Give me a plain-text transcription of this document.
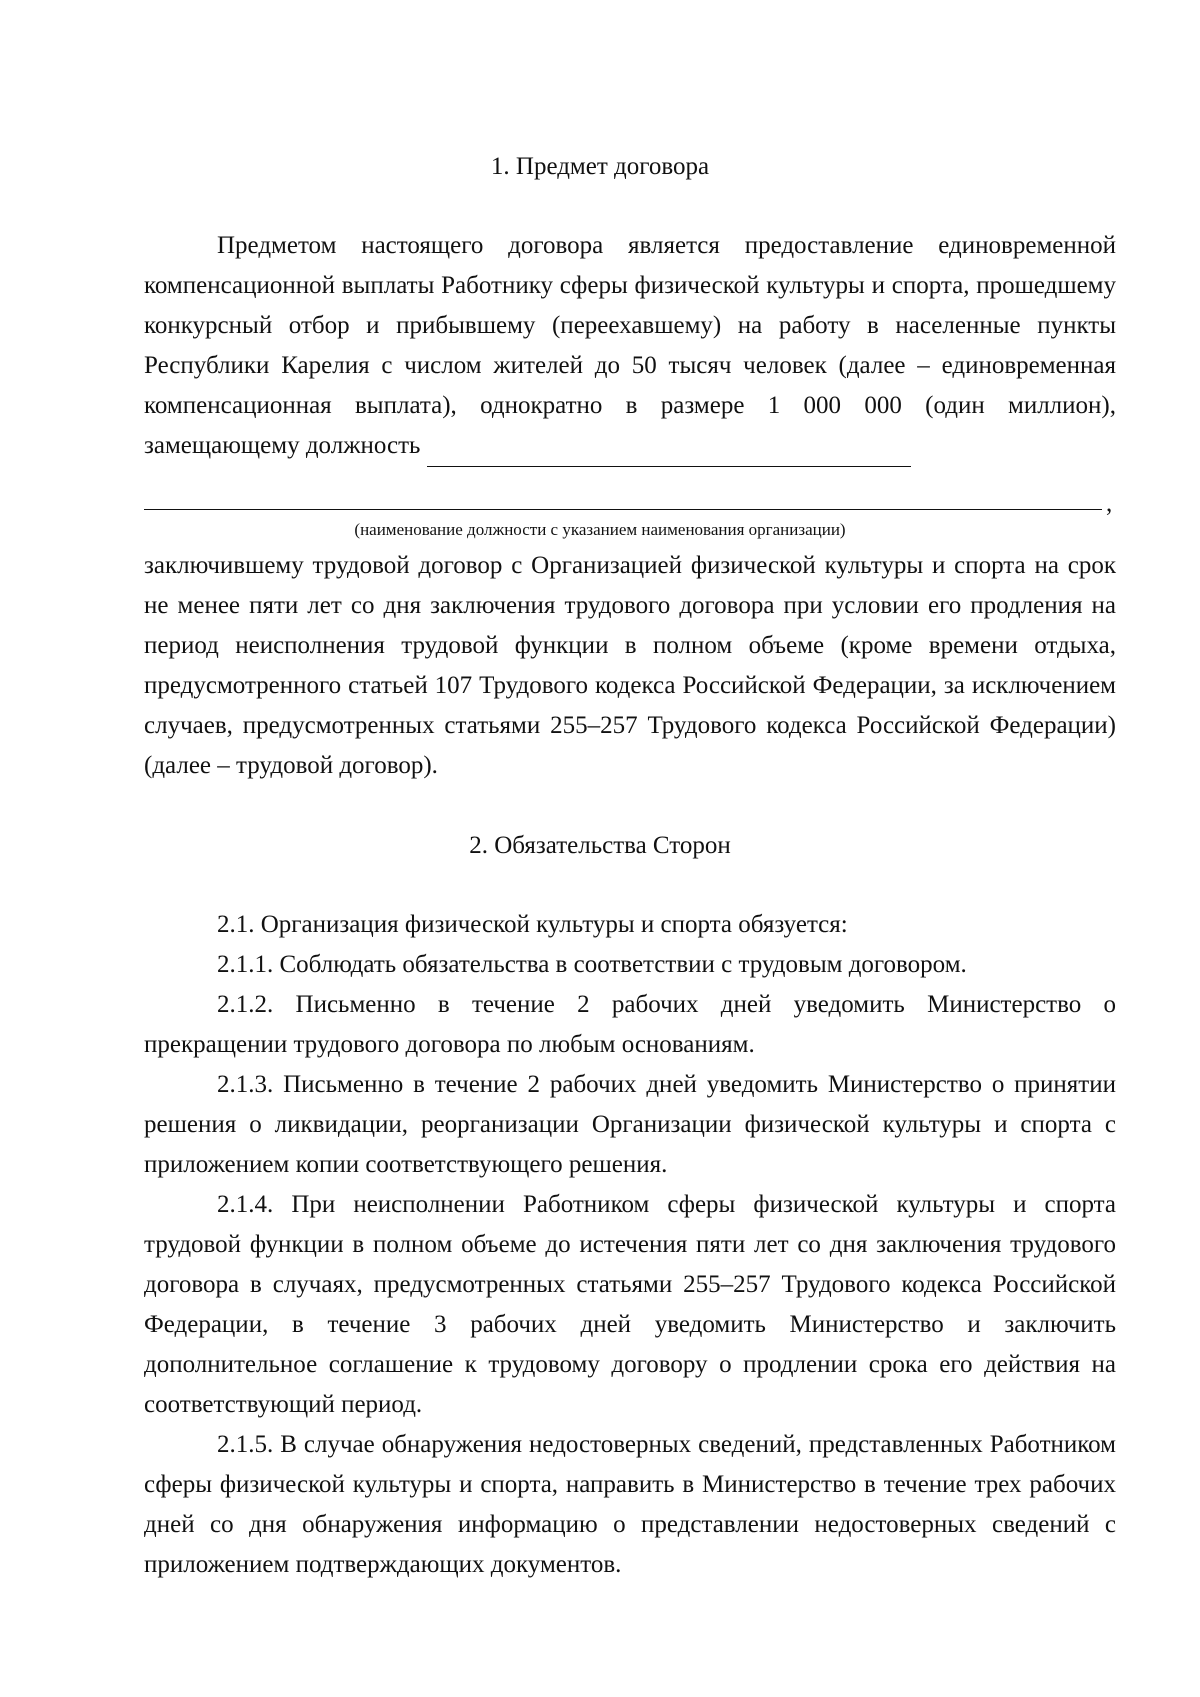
1. Предмет договора

Предметом настоящего договора является предоставление единовременной компенсационной выплаты Работнику сферы физической культуры и спорта, прошедшему конкурсный отбор и прибывшему (переехавшему) на работу в населенные пункты Республики Карелия с числом жителей до 50 тысяч человек (далее – единовременная компенсационная выплата), однократно в размере 1 000 000 (один миллион), замещающему должность

,
(наименование должности с указанием наименования организации)

заключившему трудовой договор с Организацией физической культуры и спорта на срок не менее пяти лет со дня заключения трудового договора при условии его продления на период неисполнения трудовой функции в полном объеме (кроме времени отдыха, предусмотренного статьей 107 Трудового кодекса Российской Федерации, за исключением случаев, предусмотренных статьями 255–257 Трудового кодекса Российской Федерации) (далее – трудовой договор).

2. Обязательства Сторон

2.1. Организация физической культуры и спорта обязуется:

2.1.1. Соблюдать обязательства в соответствии с трудовым договором.

2.1.2. Письменно в течение 2 рабочих дней уведомить Министерство о прекращении трудового договора по любым основаниям.

2.1.3. Письменно в течение 2 рабочих дней уведомить Министерство о принятии решения о ликвидации, реорганизации Организации физической культуры и спорта с приложением копии соответствующего решения.

2.1.4. При неисполнении Работником сферы физической культуры и спорта трудовой функции в полном объеме до истечения пяти лет со дня заключения трудового договора в случаях, предусмотренных статьями 255–257 Трудового кодекса Российской Федерации, в течение 3 рабочих дней уведомить Министерство и заключить дополнительное соглашение к трудовому договору о продлении срока его действия на соответствующий период.

2.1.5. В случае обнаружения недостоверных сведений, представленных Работником сферы физической культуры и спорта, направить в Министерство в течение трех рабочих дней со дня обнаружения информацию о представлении недостоверных сведений с приложением подтверждающих документов.
